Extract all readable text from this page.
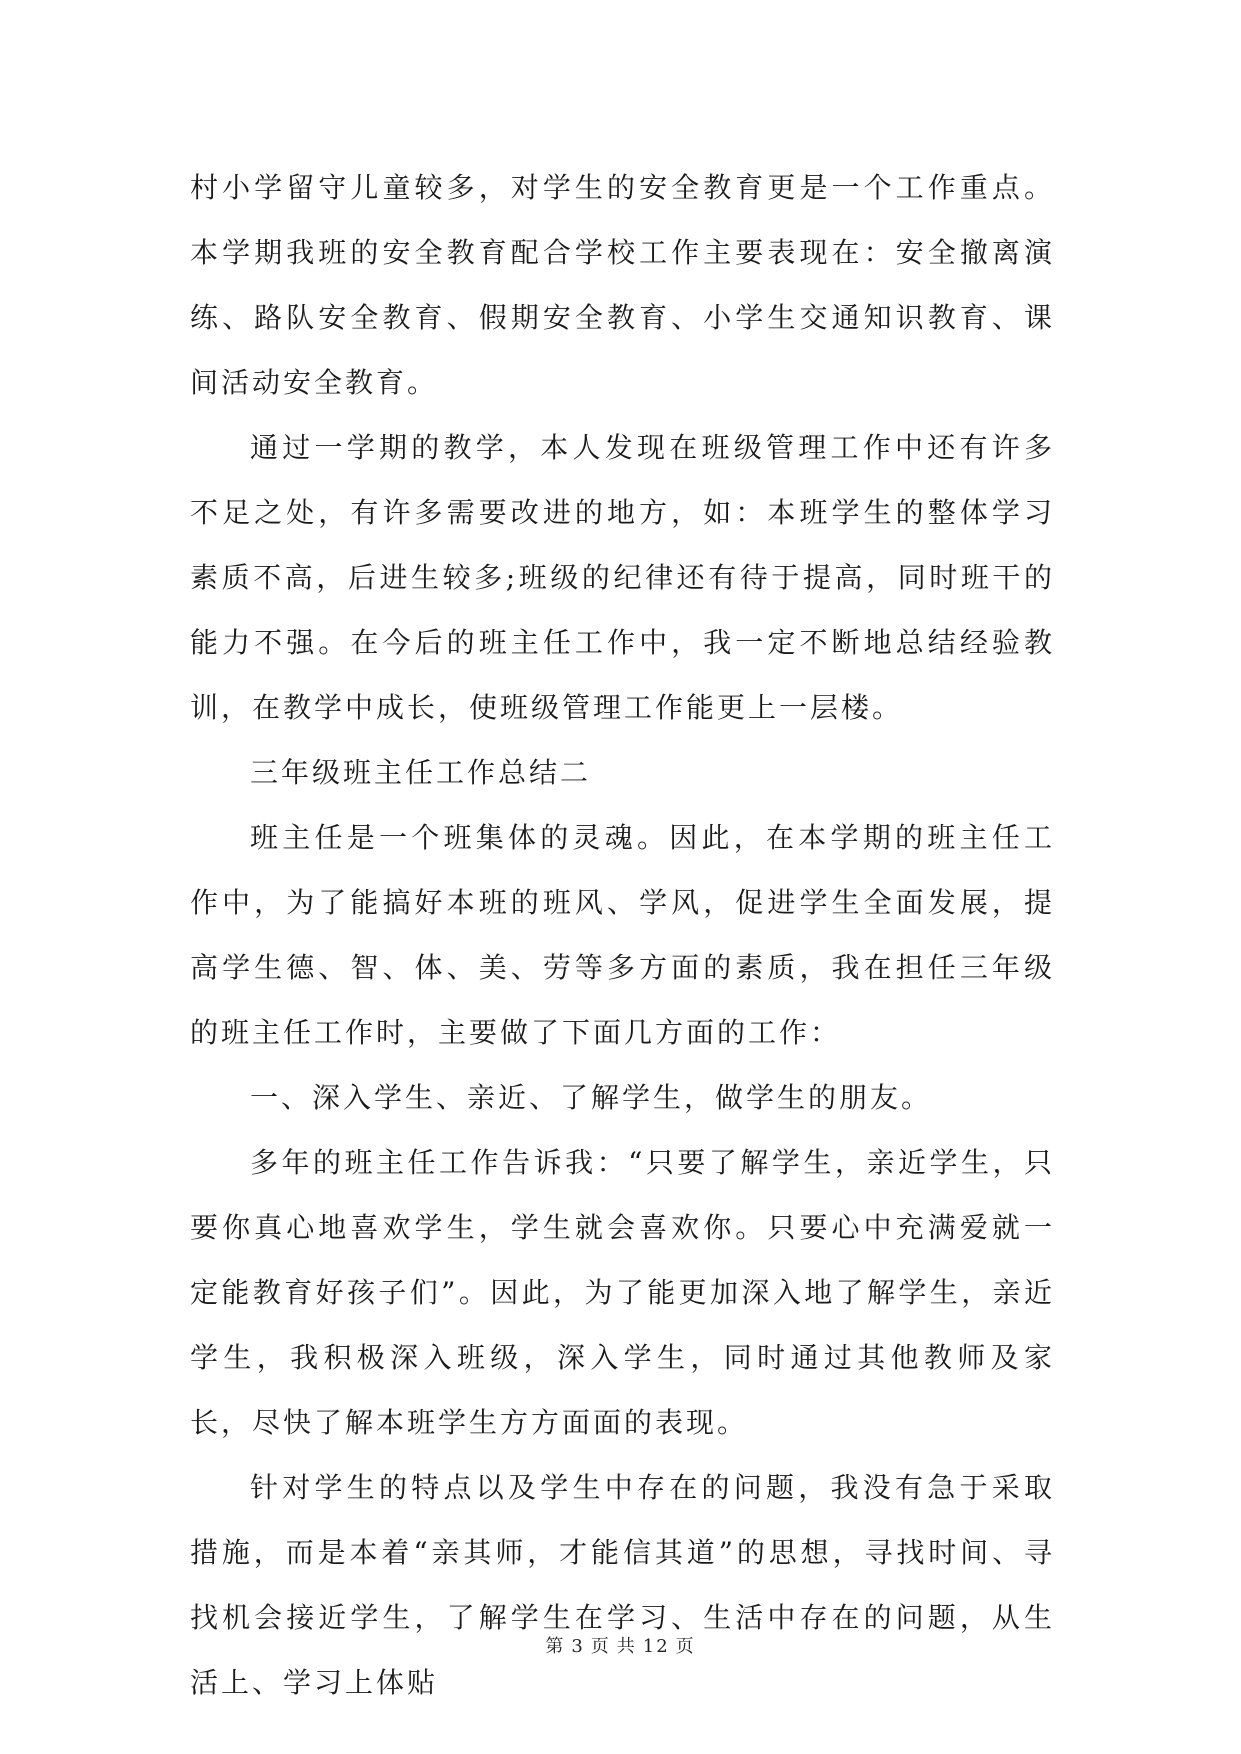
村小学留守儿童较多，对学生的安全教育更是一个工作重点。本学期我班的安全教育配合学校工作主要表现在：安全撤离演练、路队安全教育、假期安全教育、小学生交通知识教育、课间活动安全教育。

通过一学期的教学，本人发现在班级管理工作中还有许多不足之处，有许多需要改进的地方，如：本班学生的整体学习素质不高，后进生较多;班级的纪律还有待于提高，同时班干的能力不强。在今后的班主任工作中，我一定不断地总结经验教训，在教学中成长，使班级管理工作能更上一层楼。

三年级班主任工作总结二

班主任是一个班集体的灵魂。因此，在本学期的班主任工作中，为了能搞好本班的班风、学风，促进学生全面发展，提高学生德、智、体、美、劳等多方面的素质，我在担任三年级的班主任工作时，主要做了下面几方面的工作：

一、深入学生、亲近、了解学生，做学生的朋友。

多年的班主任工作告诉我：“只要了解学生，亲近学生，只要你真心地喜欢学生，学生就会喜欢你。只要心中充满爱就一定能教育好孩子们”。因此，为了能更加深入地了解学生，亲近学生，我积极深入班级，深入学生，同时通过其他教师及家长，尽快了解本班学生方方面面的表现。

针对学生的特点以及学生中存在的问题，我没有急于采取措施，而是本着“亲其师，才能信其道”的思想，寻找时间、寻找机会接近学生，了解学生在学习、生活中存在的问题，从生活上、学习上体贴

第 3 页 共 12 页
